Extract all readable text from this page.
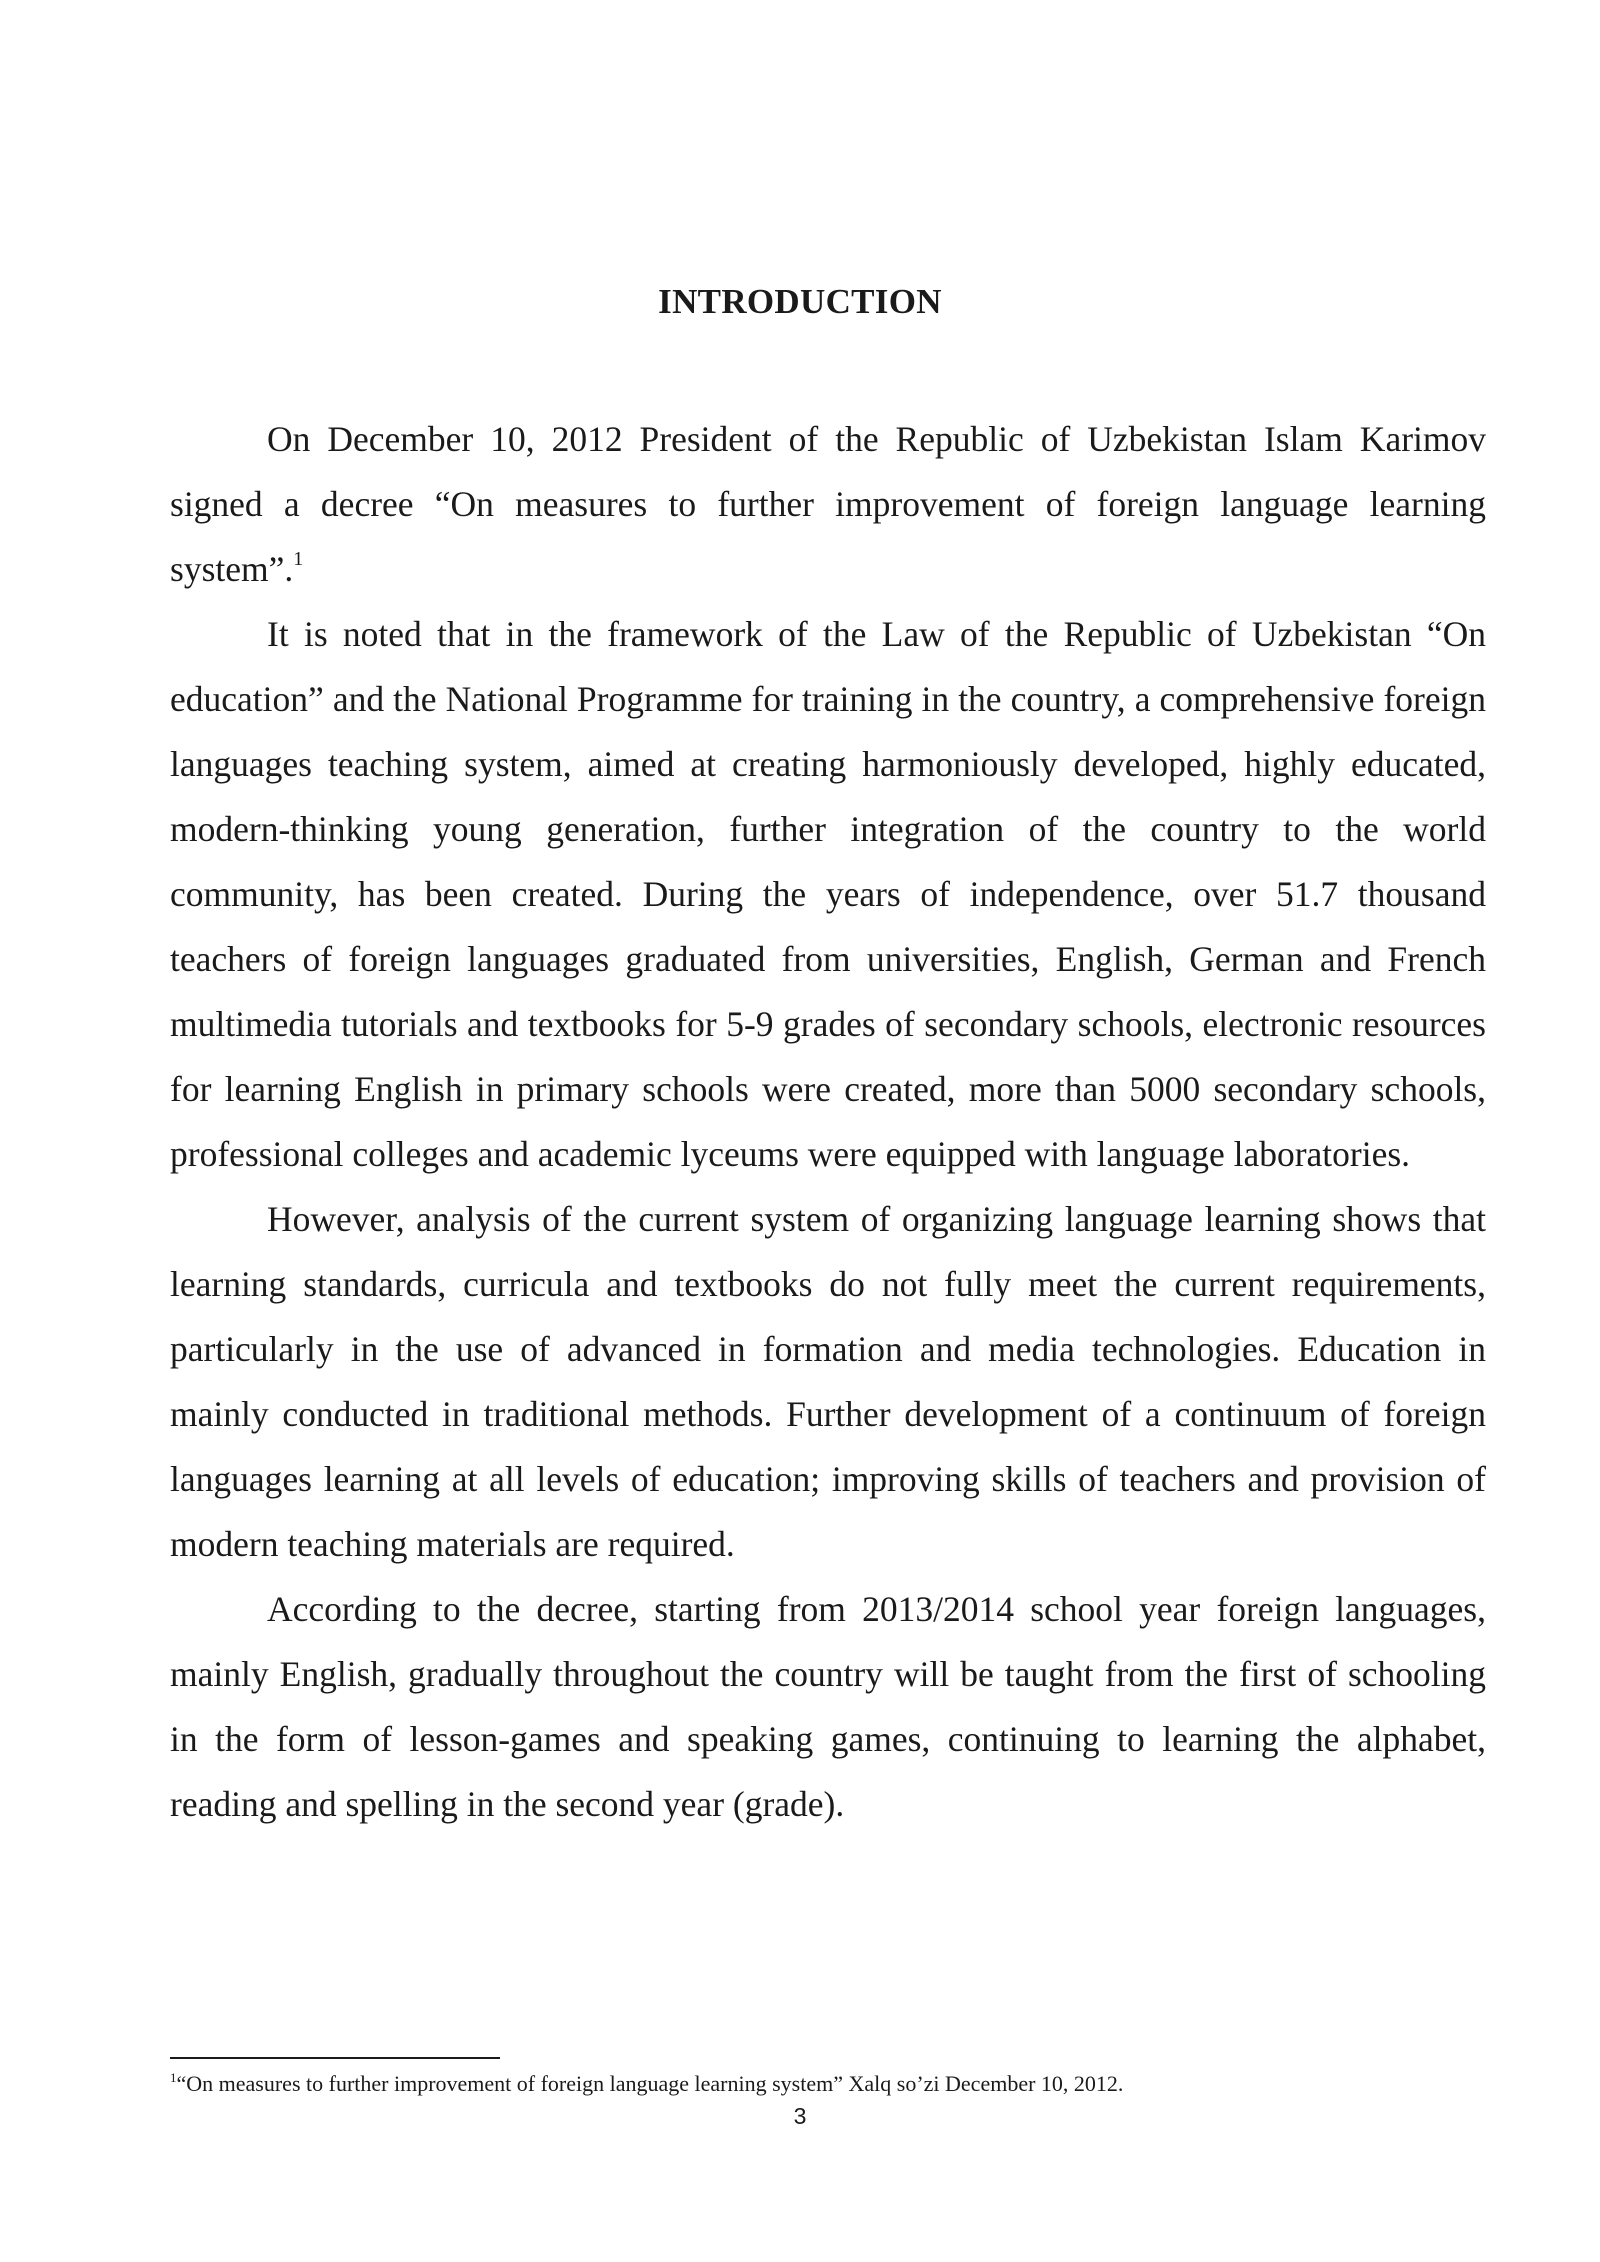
INTRODUCTION

On December 10, 2012 President of the Republic of Uzbekistan Islam Karimov signed a decree “On measures to further improvement of foreign language learning system”.$^1$

It is noted that in the framework of the Law of the Republic of Uzbekistan “On education” and the National Programme for training in the country, a comprehensive foreign languages teaching system, aimed at creating harmoniously developed, highly educated, modern-thinking young generation, further integration of the country to the world community, has been created. During the years of independence, over 51.7 thousand teachers of foreign languages graduated from universities, English, German and French multimedia tutorials and textbooks for 5-9 grades of secondary schools, electronic resources for learning English in primary schools were created, more than 5000 secondary schools, professional colleges and academic lyceums were equipped with language laboratories.

However, analysis of the current system of organizing language learning shows that learning standards, curricula and textbooks do not fully meet the current requirements, particularly in the use of advanced in formation and media technologies. Education in mainly conducted in traditional methods. Further development of a continuum of foreign languages learning at all levels of education; improving skills of teachers and provision of modern teaching materials are required.

According to the decree, starting from 2013/2014 school year foreign languages, mainly English, gradually throughout the country will be taught from the first of schooling in the form of lesson-games and speaking games, continuing to learning the alphabet, reading and spelling in the second year (grade).

$^1$“On measures to further improvement of foreign language learning system” Xalq so’zi December 10, 2012.

3
